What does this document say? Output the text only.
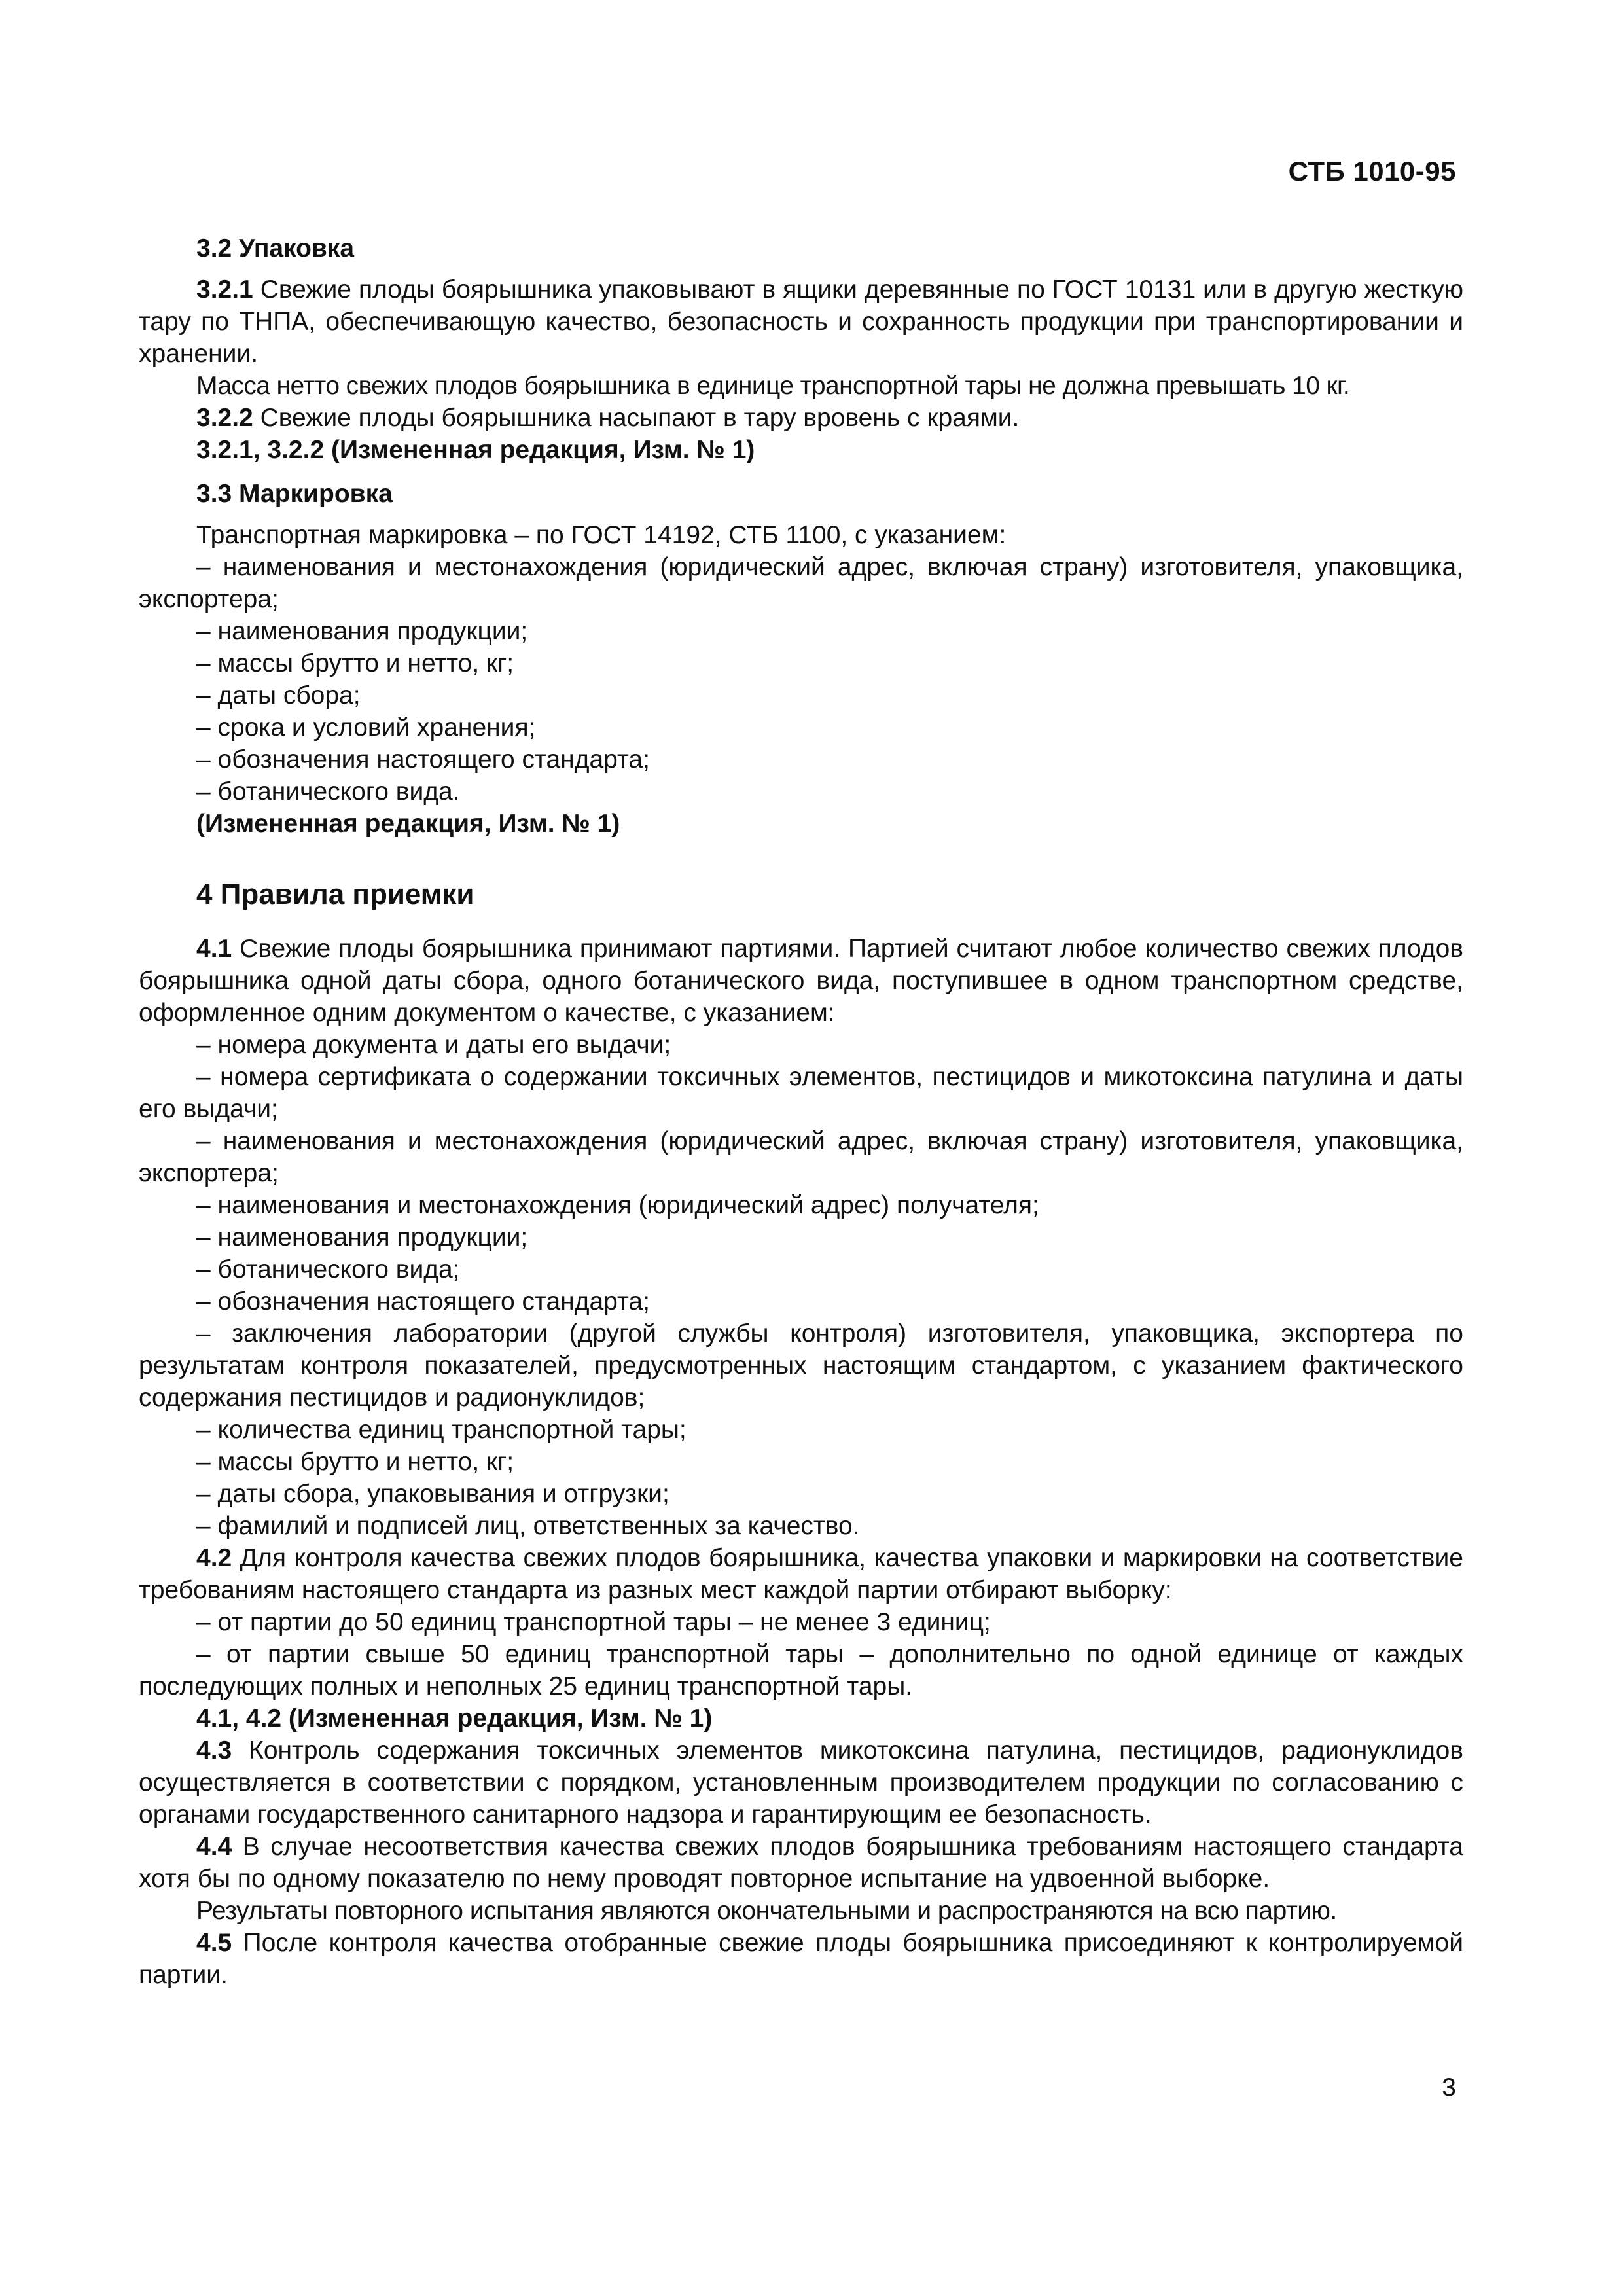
СТБ 1010-95

3.2 Упаковка

3.2.1 Свежие плоды боярышника упаковывают в ящики деревянные по ГОСТ 10131 или в другую жесткую тару по ТНПА, обеспечивающую качество, безопасность и сохранность продукции при транспортировании и хранении.

Масса нетто свежих плодов боярышника в единице транспортной тары не должна превышать 10 кг.

3.2.2 Свежие плоды боярышника насыпают в тару вровень с краями.

3.2.1, 3.2.2 (Измененная редакция, Изм. № 1)

3.3 Маркировка

Транспортная маркировка – по ГОСТ 14192, СТБ 1100, с указанием:

– наименования и местонахождения (юридический адрес, включая страну) изготовителя, упаковщика, экспортера;

– наименования продукции;

– массы брутто и нетто, кг;

– даты сбора;

– срока и условий хранения;

– обозначения настоящего стандарта;

– ботанического вида.

(Измененная редакция, Изм. № 1)

4 Правила приемки

4.1 Свежие плоды боярышника принимают партиями. Партией считают любое количество свежих плодов боярышника одной даты сбора, одного ботанического вида, поступившее в одном транспортном средстве, оформленное одним документом о качестве, с указанием:

– номера документа и даты его выдачи;

– номера сертификата о содержании токсичных элементов, пестицидов и микотоксина патулина и даты его выдачи;

– наименования и местонахождения (юридический адрес, включая страну) изготовителя, упаковщика, экспортера;

– наименования и местонахождения (юридический адрес) получателя;

– наименования продукции;

– ботанического вида;

– обозначения настоящего стандарта;

– заключения лаборатории (другой службы контроля) изготовителя, упаковщика, экспортера по результатам контроля показателей, предусмотренных настоящим стандартом, с указанием фактического содержания пестицидов и радионуклидов;

– количества единиц транспортной тары;

– массы брутто и нетто, кг;

– даты сбора, упаковывания и отгрузки;

– фамилий и подписей лиц, ответственных за качество.

4.2 Для контроля качества свежих плодов боярышника, качества упаковки и маркировки на соответствие требованиям настоящего стандарта из разных мест каждой партии отбирают выборку:

– от партии до 50 единиц транспортной тары – не менее 3 единиц;

– от партии свыше 50 единиц транспортной тары – дополнительно по одной единице от каждых последующих полных и неполных 25 единиц транспортной тары.

4.1, 4.2 (Измененная редакция, Изм. № 1)

4.3 Контроль содержания токсичных элементов микотоксина патулина, пестицидов, радионуклидов осуществляется в соответствии с порядком, установленным производителем продукции по согласованию с органами государственного санитарного надзора и гарантирующим ее безопасность.

4.4 В случае несоответствия качества свежих плодов боярышника требованиям настоящего стандарта хотя бы по одному показателю по нему проводят повторное испытание на удвоенной выборке.

Результаты повторного испытания являются окончательными и распространяются на всю партию.

4.5 После контроля качества отобранные свежие плоды боярышника присоединяют к контролируемой партии.

3
